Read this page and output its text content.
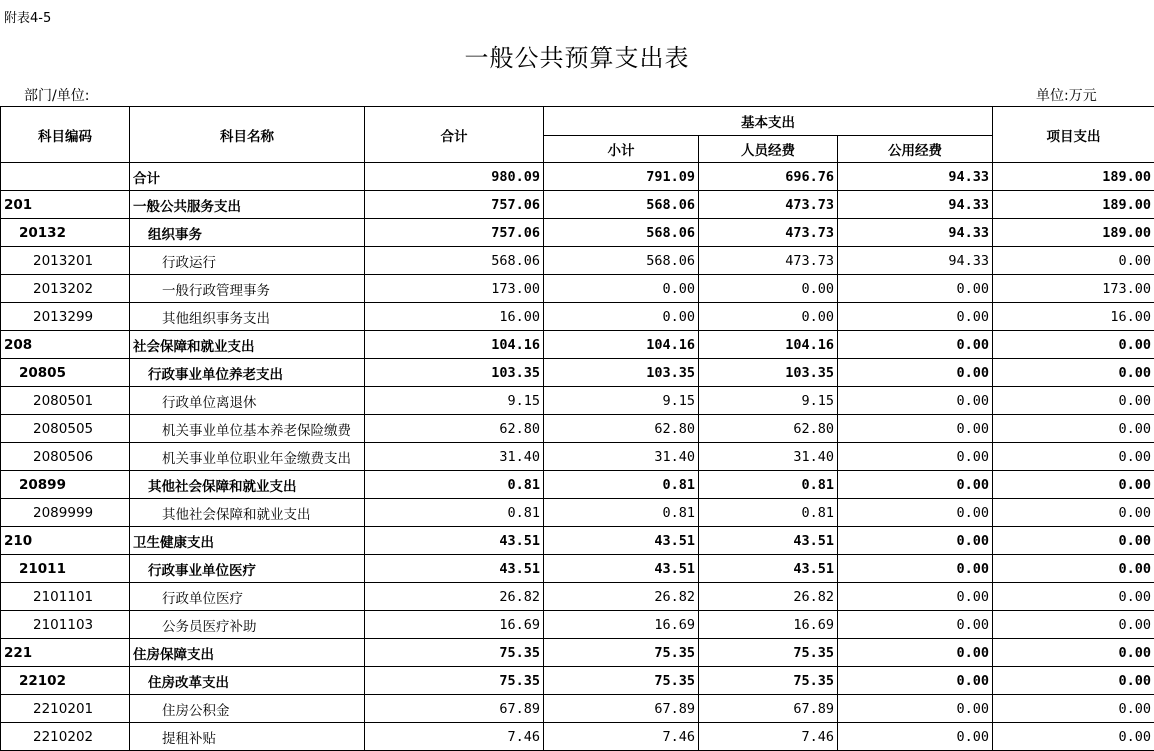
附表4-5
一般公共预算支出表
部门/单位:	单位:万元
科目编码	科目名称	合计	基本支出			项目支出
			小计	人员经费	公用经费	
	合计	980.09	791.09	696.76	94.33	189.00
201	一般公共服务支出	757.06	568.06	473.73	94.33	189.00
20132	组织事务	757.06	568.06	473.73	94.33	189.00
2013201	行政运行	568.06	568.06	473.73	94.33	0.00
2013202	一般行政管理事务	173.00	0.00	0.00	0.00	173.00
2013299	其他组织事务支出	16.00	0.00	0.00	0.00	16.00
208	社会保障和就业支出	104.16	104.16	104.16	0.00	0.00
20805	行政事业单位养老支出	103.35	103.35	103.35	0.00	0.00
2080501	行政单位离退休	9.15	9.15	9.15	0.00	0.00
2080505	机关事业单位基本养老保险缴费	62.80	62.80	62.80	0.00	0.00
2080506	机关事业单位职业年金缴费支出	31.40	31.40	31.40	0.00	0.00
20899	其他社会保障和就业支出	0.81	0.81	0.81	0.00	0.00
2089999	其他社会保障和就业支出	0.81	0.81	0.81	0.00	0.00
210	卫生健康支出	43.51	43.51	43.51	0.00	0.00
21011	行政事业单位医疗	43.51	43.51	43.51	0.00	0.00
2101101	行政单位医疗	26.82	26.82	26.82	0.00	0.00
2101103	公务员医疗补助	16.69	16.69	16.69	0.00	0.00
221	住房保障支出	75.35	75.35	75.35	0.00	0.00
22102	住房改革支出	75.35	75.35	75.35	0.00	0.00
2210201	住房公积金	67.89	67.89	67.89	0.00	0.00
2210202	提租补贴	7.46	7.46	7.46	0.00	0.00
